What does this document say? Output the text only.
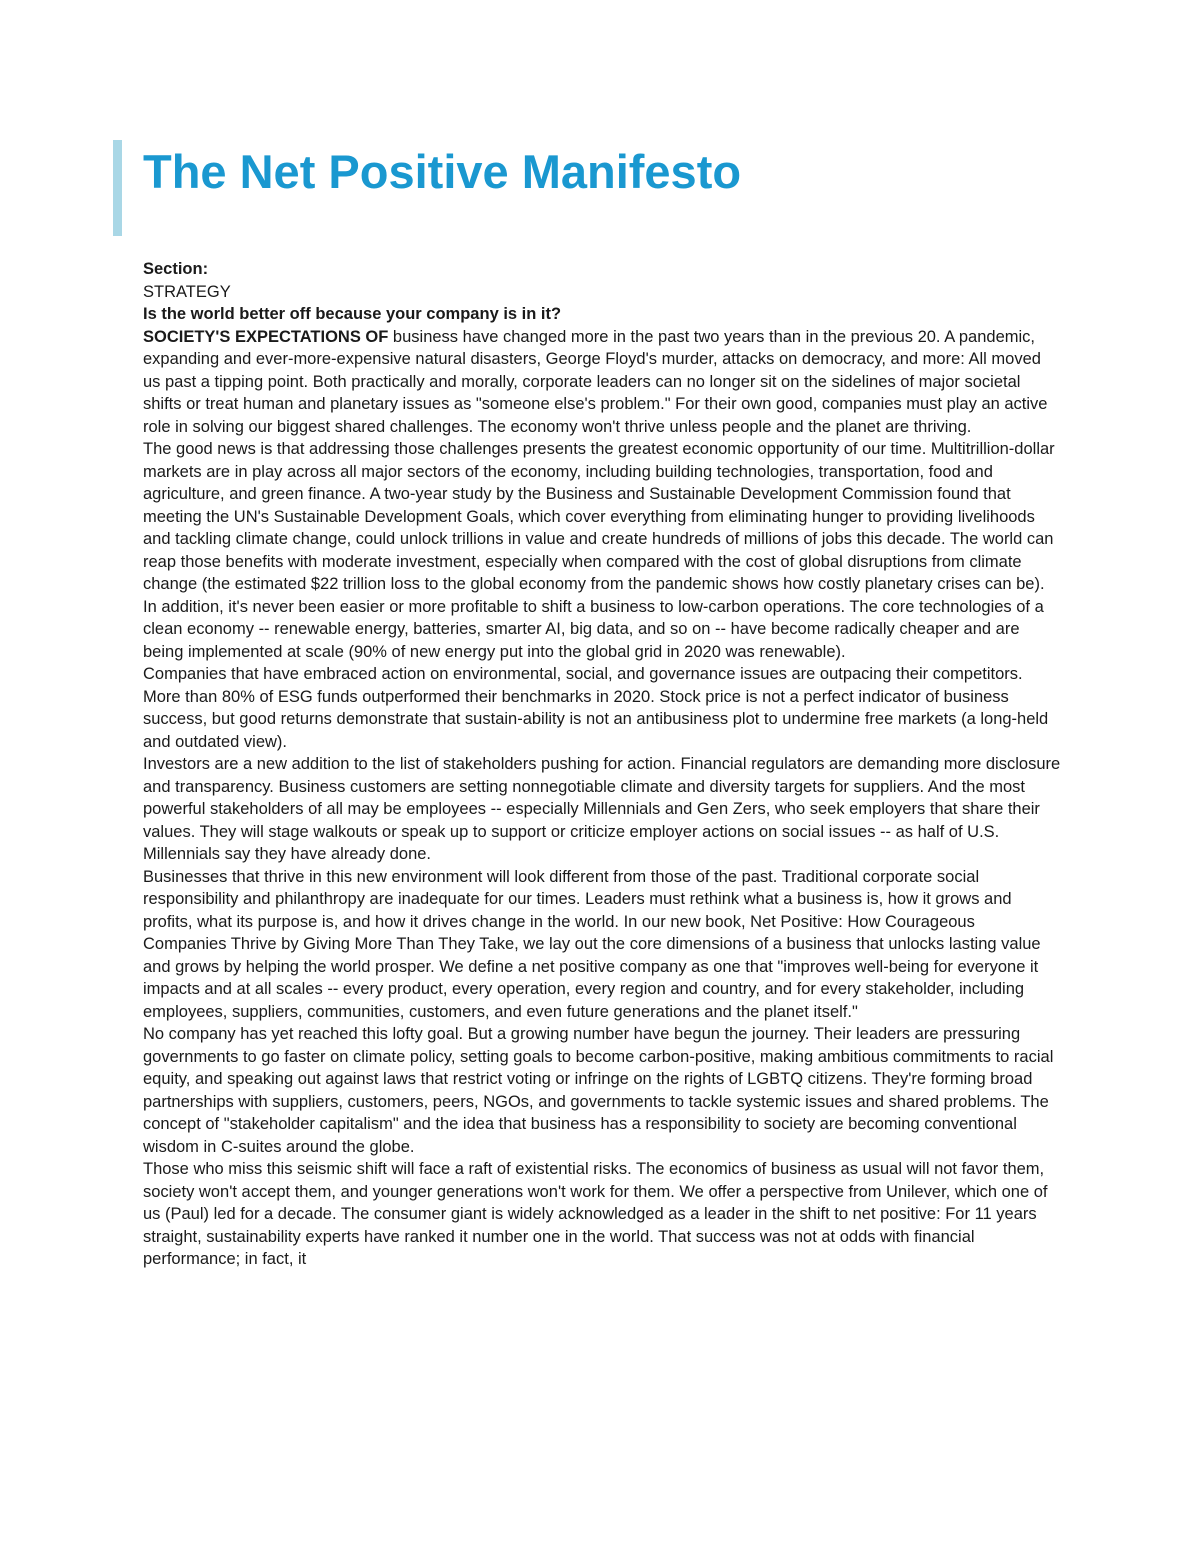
The Net Positive Manifesto

Section:

STRATEGY

Is the world better off because your company is in it?

SOCIETY'S EXPECTATIONS OF business have changed more in the past two years than in the previous 20. A pandemic, expanding and ever-more-expensive natural disasters, George Floyd's murder, attacks on democracy, and more: All moved us past a tipping point. Both practically and morally, corporate leaders can no longer sit on the sidelines of major societal shifts or treat human and planetary issues as "someone else's problem." For their own good, companies must play an active role in solving our biggest shared challenges. The economy won't thrive unless people and the planet are thriving.

The good news is that addressing those challenges presents the greatest economic opportunity of our time. Multitrillion-dollar markets are in play across all major sectors of the economy, including building technologies, transportation, food and agriculture, and green finance. A two-year study by the Business and Sustainable Development Commission found that meeting the UN's Sustainable Development Goals, which cover everything from eliminating hunger to providing livelihoods and tackling climate change, could unlock trillions in value and create hundreds of millions of jobs this decade. The world can reap those benefits with moderate investment, especially when compared with the cost of global disruptions from climate change (the estimated $22 trillion loss to the global economy from the pandemic shows how costly planetary crises can be). In addition, it's never been easier or more profitable to shift a business to low-carbon operations. The core technologies of a clean economy -- renewable energy, batteries, smarter AI, big data, and so on -- have become radically cheaper and are being implemented at scale (90% of new energy put into the global grid in 2020 was renewable).

Companies that have embraced action on environmental, social, and governance issues are outpacing their competitors. More than 80% of ESG funds outperformed their benchmarks in 2020. Stock price is not a perfect indicator of business success, but good returns demonstrate that sustain-ability is not an antibusiness plot to undermine free markets (a long-held and outdated view).

Investors are a new addition to the list of stakeholders pushing for action. Financial regulators are demanding more disclosure and transparency. Business customers are setting nonnegotiable climate and diversity targets for suppliers. And the most powerful stakeholders of all may be employees -- especially Millennials and Gen Zers, who seek employers that share their values. They will stage walkouts or speak up to support or criticize employer actions on social issues -- as half of U.S. Millennials say they have already done.

Businesses that thrive in this new environment will look different from those of the past. Traditional corporate social responsibility and philanthropy are inadequate for our times. Leaders must rethink what a business is, how it grows and profits, what its purpose is, and how it drives change in the world. In our new book, Net Positive: How Courageous Companies Thrive by Giving More Than They Take, we lay out the core dimensions of a business that unlocks lasting value and grows by helping the world prosper. We define a net positive company as one that "improves well-being for everyone it impacts and at all scales -- every product, every operation, every region and country, and for every stakeholder, including employees, suppliers, communities, customers, and even future generations and the planet itself."

No company has yet reached this lofty goal. But a growing number have begun the journey. Their leaders are pressuring governments to go faster on climate policy, setting goals to become carbon-positive, making ambitious commitments to racial equity, and speaking out against laws that restrict voting or infringe on the rights of LGBTQ citizens. They're forming broad partnerships with suppliers, customers, peers, NGOs, and governments to tackle systemic issues and shared problems. The concept of "stakeholder capitalism" and the idea that business has a responsibility to society are becoming conventional wisdom in C-suites around the globe.

Those who miss this seismic shift will face a raft of existential risks. The economics of business as usual will not favor them, society won't accept them, and younger generations won't work for them. We offer a perspective from Unilever, which one of us (Paul) led for a decade. The consumer giant is widely acknowledged as a leader in the shift to net positive: For 11 years straight, sustainability experts have ranked it number one in the world. That success was not at odds with financial performance; in fact, it
